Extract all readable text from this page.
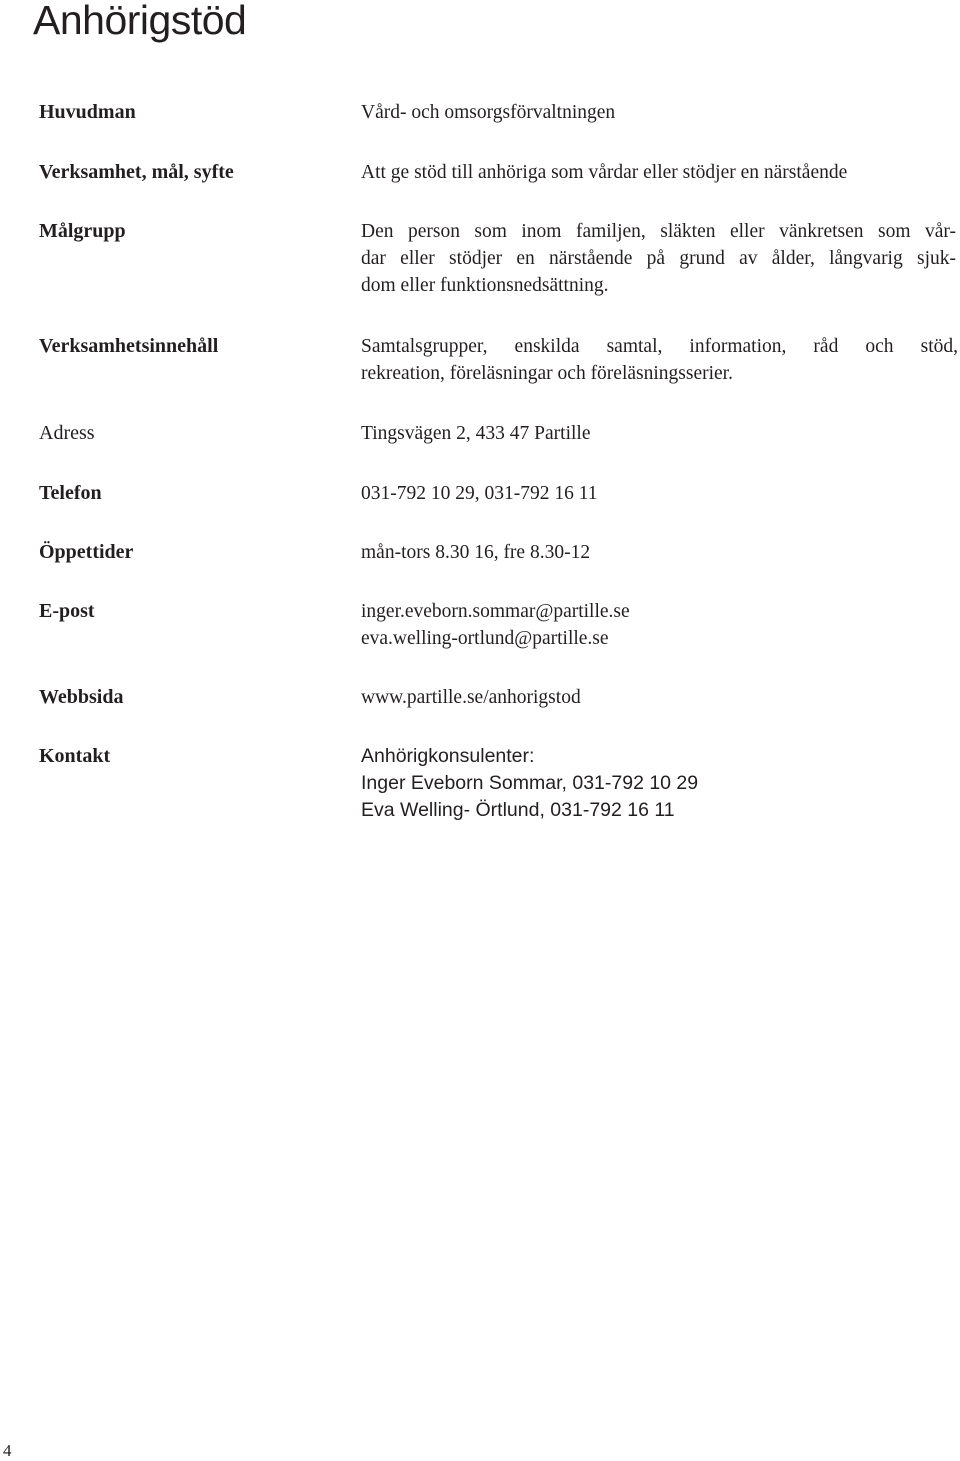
Anhörigstöd
Huvudman	Vård- och omsorgsförvaltningen
Verksamhet, mål, syfte	Att ge stöd till anhöriga som vårdar eller stödjer en närstående
Målgrupp	Den person som inom familjen, släkten eller vänkretsen som vår-
dar eller stödjer en närstående på grund av ålder, långvarig sjuk-
dom eller funktionsnedsättning.
Verksamhetsinnehåll	Samtalsgrupper, enskilda samtal, information, råd och stöd,
rekreation, föreläsningar och föreläsningsserier.
Adress	Tingsvägen 2, 433 47 Partille
Telefon	031-792 10 29, 031-792 16 11
Öppettider	mån-tors 8.30 16, fre 8.30-12
E-post	inger.eveborn.sommar@partille.se
eva.welling-ortlund@partille.se
Webbsida	www.partille.se/anhorigstod
Kontakt	Anhörigkonsulenter:
Inger Eveborn Sommar, 031-792 10 29
Eva Welling- Örtlund, 031-792 16 11
4
